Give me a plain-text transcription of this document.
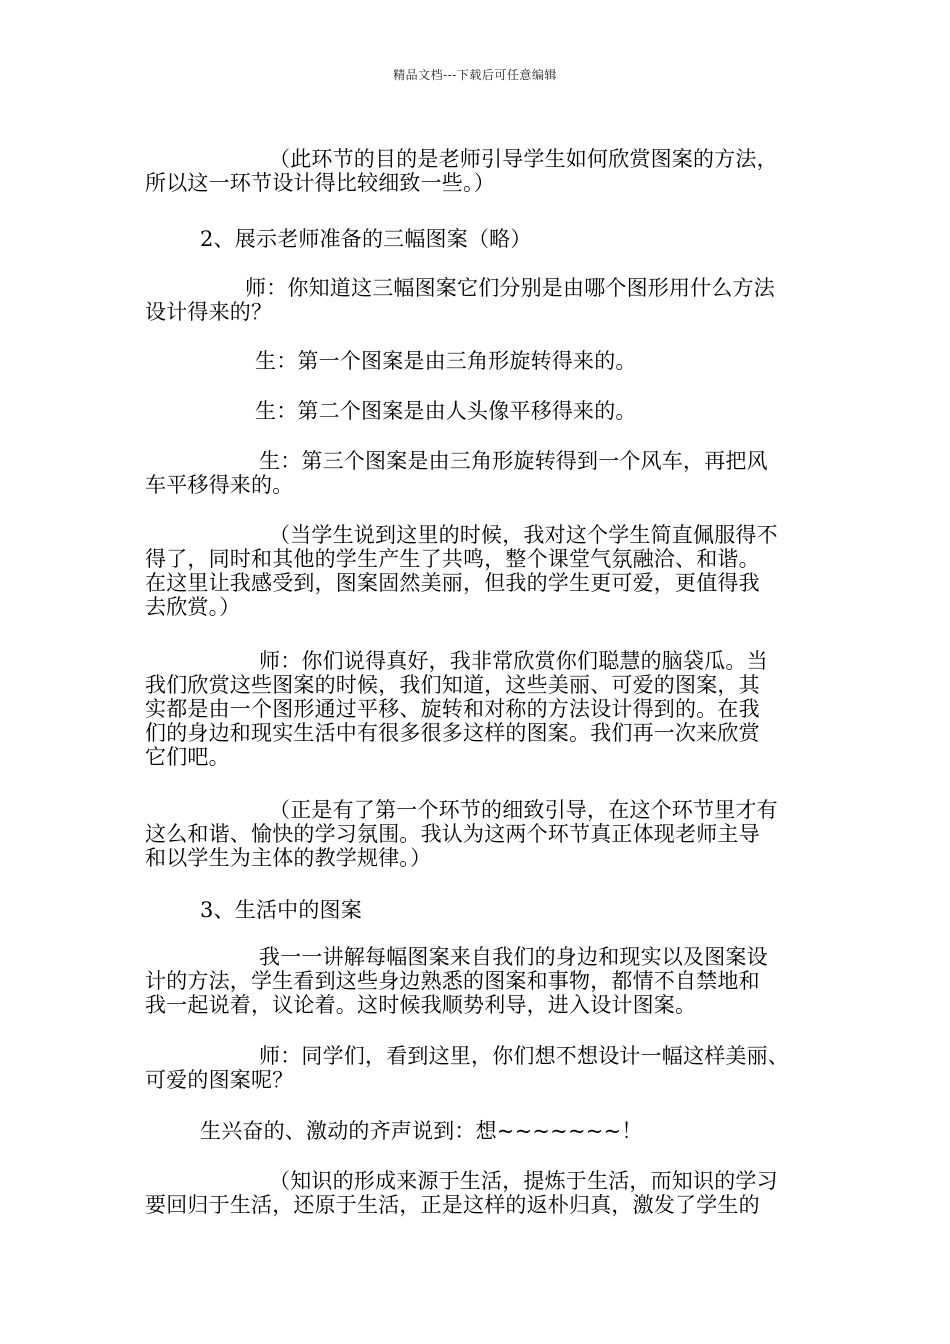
精品文档---下载后可任意编辑
（此环节的目的是老师引导学生如何欣赏图案的方法，
所以这一环节设计得比较细致一些。）
2、展示老师准备的三幅图案（略）
师：你知道这三幅图案它们分别是由哪个图形用什么方法
设计得来的？
生：第一个图案是由三角形旋转得来的。
生：第二个图案是由人头像平移得来的。
生：第三个图案是由三角形旋转得到一个风车，再把风
车平移得来的。
（当学生说到这里的时候，我对这个学生简直佩服得不
得了，同时和其他的学生产生了共鸣，整个课堂气氛融洽、和谐。
在这里让我感受到，图案固然美丽，但我的学生更可爱，更值得我
去欣赏。）
师：你们说得真好，我非常欣赏你们聪慧的脑袋瓜。当
我们欣赏这些图案的时候，我们知道，这些美丽、可爱的图案，其
实都是由一个图形通过平移、旋转和对称的方法设计得到的。在我
们的身边和现实生活中有很多很多这样的图案。我们再一次来欣赏
它们吧。
（正是有了第一个环节的细致引导，在这个环节里才有
这么和谐、愉快的学习氛围。我认为这两个环节真正体现老师主导
和以学生为主体的教学规律。）
3、生活中的图案
我一一讲解每幅图案来自我们的身边和现实以及图案设
计的方法，学生看到这些身边熟悉的图案和事物，都情不自禁地和
我一起说着，议论着。这时候我顺势利导，进入设计图案。
师：同学们，看到这里，你们想不想设计一幅这样美丽、
可爱的图案呢？
生兴奋的、激动的齐声说到：想~~~~~~~！
（知识的形成来源于生活，提炼于生活，而知识的学习
要回归于生活，还原于生活，正是这样的返朴归真，激发了学生的
